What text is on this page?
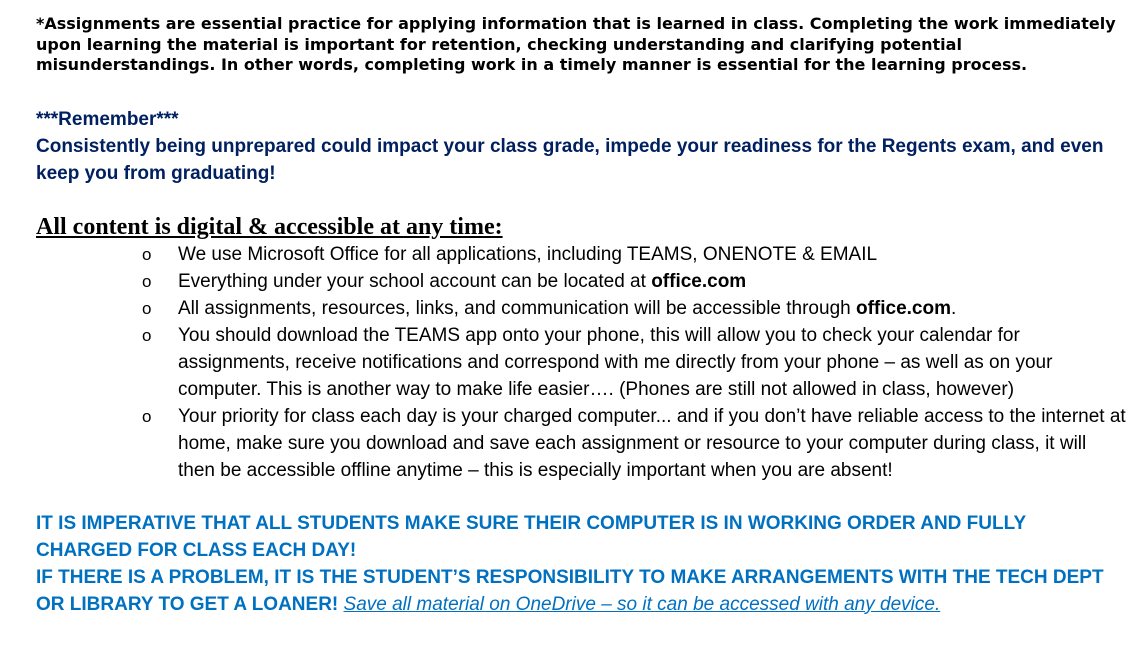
*Assignments are essential practice for applying information that is learned in class. Completing the work immediately upon learning the material is important for retention, checking understanding and clarifying potential misunderstandings. In other words, completing work in a timely manner is essential for the learning process.

***Remember***

Consistently being unprepared could impact your class grade, impede your readiness for the Regents exam, and even keep you from graduating!

All content is digital & accessible at any time:
o We use Microsoft Office for all applications, including TEAMS, ONENOTE & EMAIL
o Everything under your school account can be located at office.com
o All assignments, resources, links, and communication will be accessible through office.com.
o You should download the TEAMS app onto your phone, this will allow you to check your calendar for assignments, receive notifications and correspond with me directly from your phone – as well as on your computer. This is another way to make life easier…. (Phones are still not allowed in class, however)
o Your priority for class each day is your charged computer... and if you don’t have reliable access to the internet at home, make sure you download and save each assignment or resource to your computer during class, it will then be accessible offline anytime – this is especially important when you are absent!

IT IS IMPERATIVE THAT ALL STUDENTS MAKE SURE THEIR COMPUTER IS IN WORKING ORDER AND FULLY CHARGED FOR CLASS EACH DAY!

IF THERE IS A PROBLEM, IT IS THE STUDENT’S RESPONSIBILITY TO MAKE ARRANGEMENTS WITH THE TECH DEPT OR LIBRARY TO GET A LOANER! Save all material on OneDrive – so it can be accessed with any device.
